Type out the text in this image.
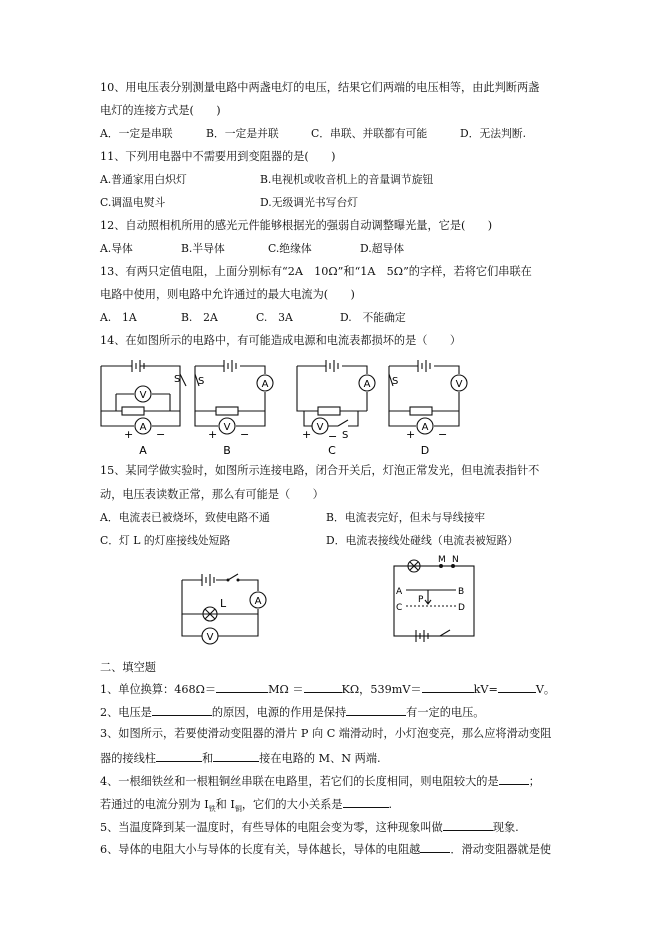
10、用电压表分别测量电路中两盏电灯的电压，结果它们两端的电压相等，由此判断两盏
电灯的连接方式是(　　)
A．一定是串联	B．一定是并联	C．串联、并联都有可能	D．无法判断.
11、下列用电器中不需要用到变阻器的是(　　)
A.普通家用白炽灯	B.电视机或收音机上的音量调节旋钮
C.调温电熨斗	D.无级调光书写台灯
12、自动照相机所用的感光元件能够根据光的强弱自动调整曝光量，它是(　　)
A.导体	B.半导体	C.绝缘体	D.超导体
13、有两只定值电阻，上面分别标有“2A　10Ω”和“1A　5Ω”的字样，若将它们串联在
电路中使用，则电路中允许通过的最大电流为(　　)
A.　1A	B.　2A	C.　3A	D.　不能确定
14、在如图所示的电路中，有可能造成电源和电流表都损坏的是（　　）
V
A
+ −
S
A
S	A
V
+ −
B
A
V
S
+ −
C
S	V
A
+ −
D
15、某同学做实验时，如图所示连接电路，闭合开关后，灯泡正常发光，但电流表指针不
动，电压表读数正常，那么有可能是（　　）
A．电流表已被烧坏，致使电路不通	B．电流表完好，但未与导线接牢
C．灯 L 的灯座接线处短路	D．电流表接线处碰线（电流表被短路）
A
L
V
M N
A	B
C	D
P
二、填空题
1、单位换算：468Ω＝	MΩ ＝	KΩ，539mV＝	kV=	V。
2、电压是	的原因，电源的作用是保持	有一定的电压。
3、如图所示，若要使滑动变阻器的滑片 P 向 C 端滑动时，小灯泡变亮，那么应将滑动变阻
器的接线柱	和	接在电路的 M、N 两端.
4、一根细铁丝和一根粗铜丝串联在电路里，若它们的长度相同，则电阻较大的是	；
若通过的电流分别为 $I_铁$和 $I_铜$，它们的大小关系是	.
5、当温度降到某一温度时，有些导体的电阻会变为零，这种现象叫做	现象.
6、导体的电阻大小与导体的长度有关，导体越长，导体的电阻越	．滑动变阻器就是使
